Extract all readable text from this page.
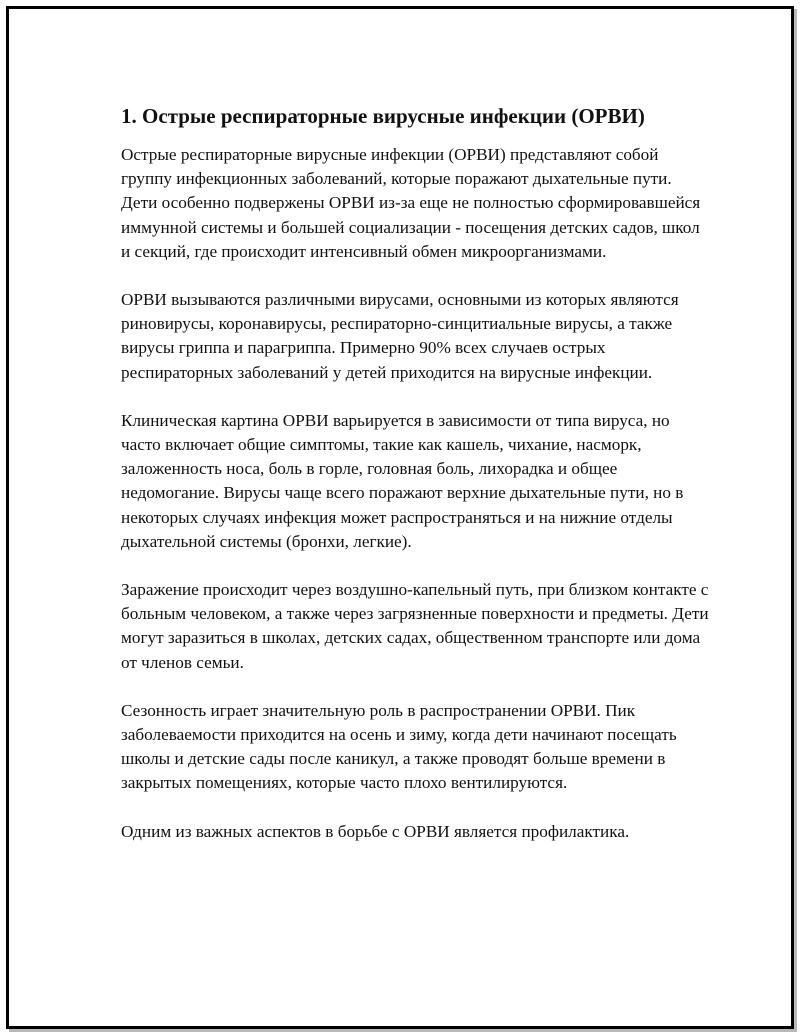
1. Острые респираторные вирусные инфекции (ОРВИ)

Острые респираторные вирусные инфекции (ОРВИ) представляют собой группу инфекционных заболеваний, которые поражают дыхательные пути. Дети особенно подвержены ОРВИ из-за еще не полностью сформировавшейся иммунной системы и большей социализации - посещения детских садов, школ и секций, где происходит интенсивный обмен микроорганизмами.

ОРВИ вызываются различными вирусами, основными из которых являются риновирусы, коронавирусы, респираторно-синцитиальные вирусы, а также вирусы гриппа и парагриппа. Примерно 90% всех случаев острых респираторных заболеваний у детей приходится на вирусные инфекции.

Клиническая картина ОРВИ варьируется в зависимости от типа вируса, но часто включает общие симптомы, такие как кашель, чихание, насморк, заложенность носа, боль в горле, головная боль, лихорадка и общее недомогание. Вирусы чаще всего поражают верхние дыхательные пути, но в некоторых случаях инфекция может распространяться и на нижние отделы дыхательной системы (бронхи, легкие).

Заражение происходит через воздушно-капельный путь, при близком контакте с больным человеком, а также через загрязненные поверхности и предметы. Дети могут заразиться в школах, детских садах, общественном транспорте или дома от членов семьи.

Сезонность играет значительную роль в распространении ОРВИ. Пик заболеваемости приходится на осень и зиму, когда дети начинают посещать школы и детские сады после каникул, а также проводят больше времени в закрытых помещениях, которые часто плохо вентилируются.

Одним из важных аспектов в борьбе с ОРВИ является профилактика.
